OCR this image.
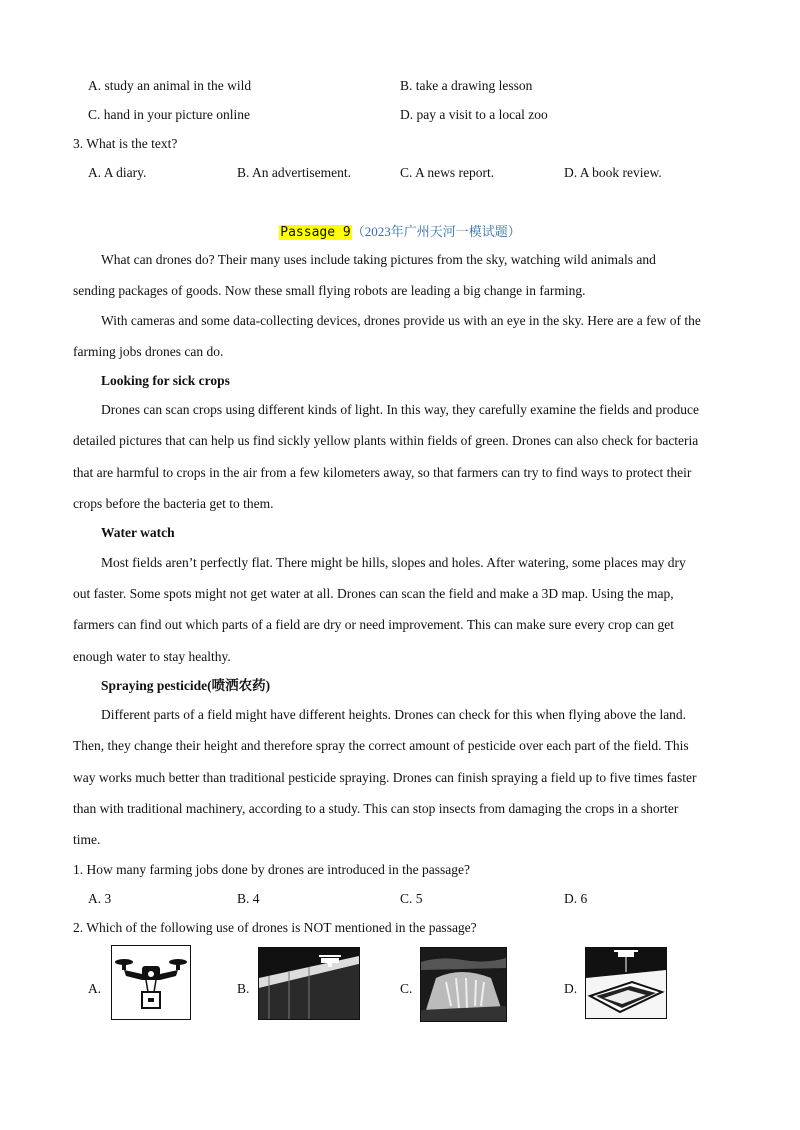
A. study an animal in the wild	B. take a drawing lesson
C. hand in your picture online	D. pay a visit to a local zoo
3. What is the text?
A. A diary.	B. An advertisement.	C. A news report.	D. A book review.
Passage 9（2023年广州天河一模试题）
What can drones do? Their many uses include taking pictures from the sky, watching wild animals and
sending packages of goods. Now these small flying robots are leading a big change in farming.
With cameras and some data-collecting devices, drones provide us with an eye in the sky. Here are a few of the
farming jobs drones can do.
Looking for sick crops
Drones can scan crops using different kinds of light. In this way, they carefully examine the fields and produce
detailed pictures that can help us find sickly yellow plants within fields of green. Drones can also check for bacteria
that are harmful to crops in the air from a few kilometers away, so that farmers can try to find ways to protect their
crops before the bacteria get to them.
Water watch
Most fields aren’t perfectly flat. There might be hills, slopes and holes. After watering, some places may dry
out faster. Some spots might not get water at all. Drones can scan the field and make a 3D map. Using the map,
farmers can find out which parts of a field are dry or need improvement. This can make sure every crop can get
enough water to stay healthy.
Spraying pesticide(喷洒农药)
Different parts of a field might have different heights. Drones can check for this when flying above the land.
Then, they change their height and therefore spray the correct amount of pesticide over each part of the field. This
way works much better than traditional pesticide spraying. Drones can finish spraying a field up to five times faster
than with traditional machinery, according to a study. This can stop insects from damaging the crops in a shorter
time.
1. How many farming jobs done by drones are introduced in the passage?
A. 3	B. 4	C. 5	D. 6
2. Which of the following use of drones is NOT mentioned in the passage?
A.	B.	C.	D.
